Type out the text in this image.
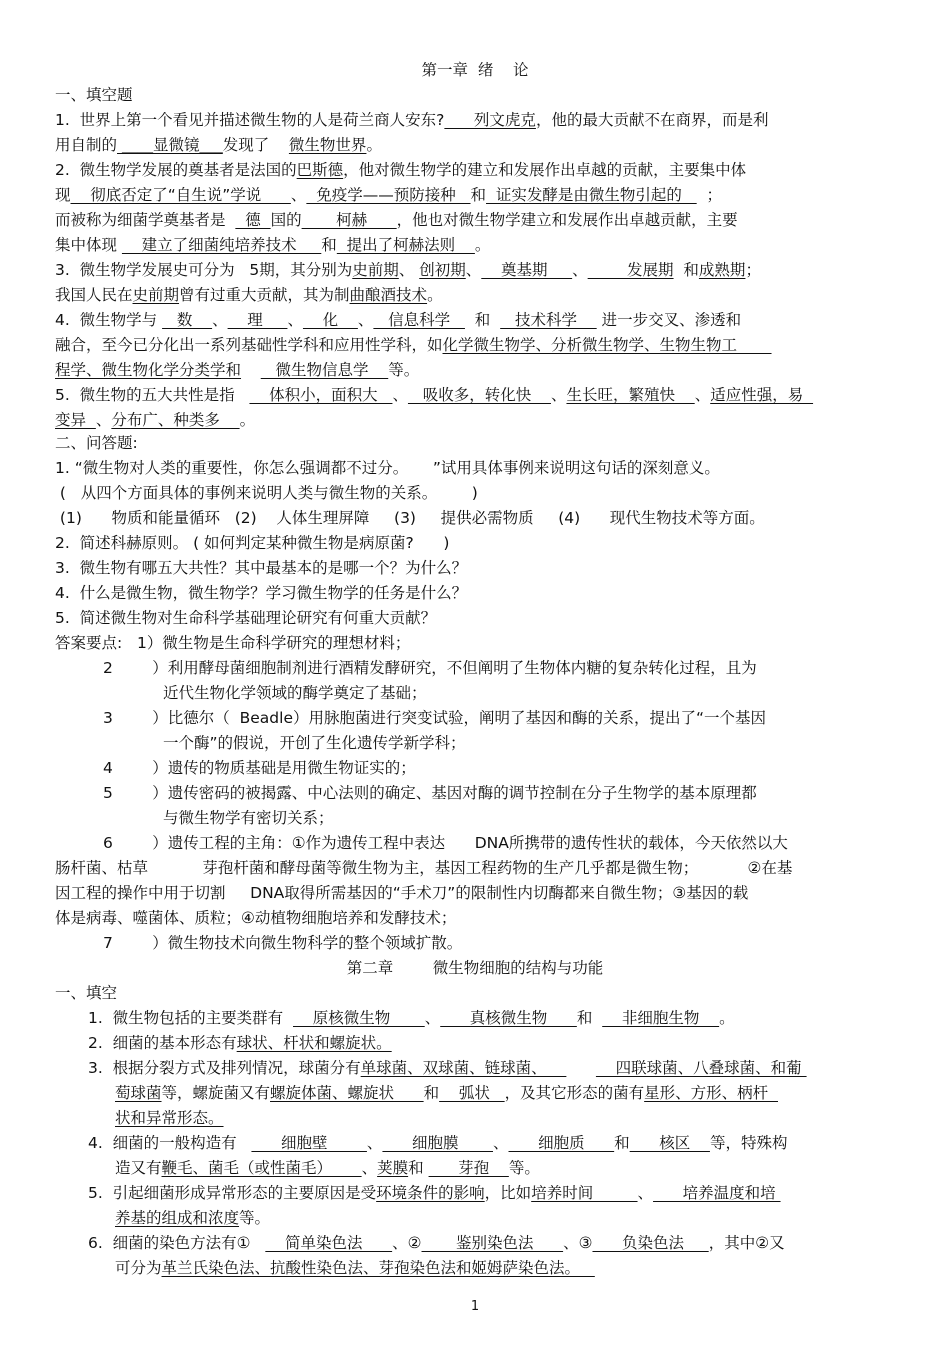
第一章  绪    论
一、填空题
1.  世界上第一个看见并描述微生物的人是荷兰商人安东?      列文虎克，他的最大贡献不在商界，而是利
用自制的 ____显微镜___发现了    微生物世界。
2.  微生物学发展的奠基者是法国的巴斯德，他对微生物学的建立和发展作出卓越的贡献，主要集中体
现    彻底否定了“自生说”学说      、  免疫学——预防接种   和  证实发酵是由微生物引起的     ；
而被称为细菌学奠基者是    德  国的       柯赫      ，他也对微生物学建立和发展作出卓越贡献，主要
集中体现     建立了细菌纯培养技术     和  提出了柯赫法则    。
3.  微生物学发展史可分为   5期，其分别为史前期、 创初期、    奠基期     、        发展期  和成熟期；
我国人民在史前期曾有过重大贡献，其为制曲酿酒技术。
4.  微生物学与    数    、    理     、    化    、   信息科学     和     技术科学     进一步交叉、渗透和
融合，至今已分化出一系列基础性学科和应用性学科，如化学微生物学、分析微生物学、生物生物工
程学、微生物化学分类学和       微生物信息学    等。
5.  微生物的五大共性是指       体积小，面积大   、   吸收多，转化快    、生长旺，繁殖快    、适应性强，易
变异  、分布广、种类多    。
二、问答题:
1. “微生物对人类的重要性，你怎么强调都不过分。     ”试用具体事例来说明这句话的深刻意义。
(   从四个方面具体的事例来说明人类与微生物的关系。       )
(1)      物质和能量循环   (2)    人体生理屏障     (3)     提供必需物质     (4)      现代生物技术等方面。
2.  简述科赫原则。 ( 如何判定某种微生物是病原菌?      )
3.  微生物有哪五大共性？其中最基本的是哪一个？为什么？
4.  什么是微生物，微生物学？学习微生物学的任务是什么？
5.  简述微生物对生命科学基础理论研究有何重大贡献？
答案要点:   1）微生物是生命科学研究的理想材料；
2        ）利用酵母菌细胞制剂进行酒精发酵研究，不但阐明了生物体内糖的复杂转化过程，且为
近代生物化学领域的酶学奠定了基础；
3        ）比德尔（  Beadle）用脉胞菌进行突变试验，阐明了基因和酶的关系，提出了“一个基因
一个酶”的假说，开创了生化遗传学新学科；
4        ）遗传的物质基础是用微生物证实的；
5        ）遗传密码的被揭露、中心法则的确定、基因对酶的调节控制在分子生物学的基本原理都
与微生物学有密切关系；
6        ）遗传工程的主角：①作为遗传工程中表达      DNA所携带的遗传性状的载体，今天依然以大
肠杆菌、枯草           芽孢杆菌和酵母菌等微生物为主，基因工程药物的生产几乎都是微生物；          ②在基
因工程的操作中用于切割     DNA取得所需基因的“手术刀”的限制性内切酶都来自微生物；③基因的载
体是病毒、噬菌体、质粒；④动植物细胞培养和发酵技术；
7        ）微生物技术向微生物科学的整个领域扩散。
第二章        微生物细胞的结构与功能
一、填空
1.  微生物包括的主要类群有      原核微生物       、      真核微生物      和      非细胞生物    。
2.  细菌的基本形态有球状、杆状和螺旋状。
3.  根据分裂方式及排列情况，球菌分有单球菌、双球菌、链球菌、              四联球菌、八叠球菌、和葡
萄球菌等，螺旋菌又有螺旋体菌、螺旋状      和    弧状   ，及其它形态的菌有星形、方形、柄杆
状和异常形态。
4.  细菌的一般构造有         细胞壁        、      细胞膜       、      细胞质      和      核区    等，特殊构
造又有鞭毛、菌毛（或性菌毛）      、荚膜和       芽孢    等。
5.  引起细菌形成异常形态的主要原因是受环境条件的影响，比如培养时间         、      培养温度和培
养基的组成和浓度等。
6.  细菌的染色方法有①       简单染色法      、②       鉴别染色法      、③      负染色法     ，其中②又
可分为革兰氏染色法、抗酸性染色法、芽孢染色法和姬姆萨染色法。
1
